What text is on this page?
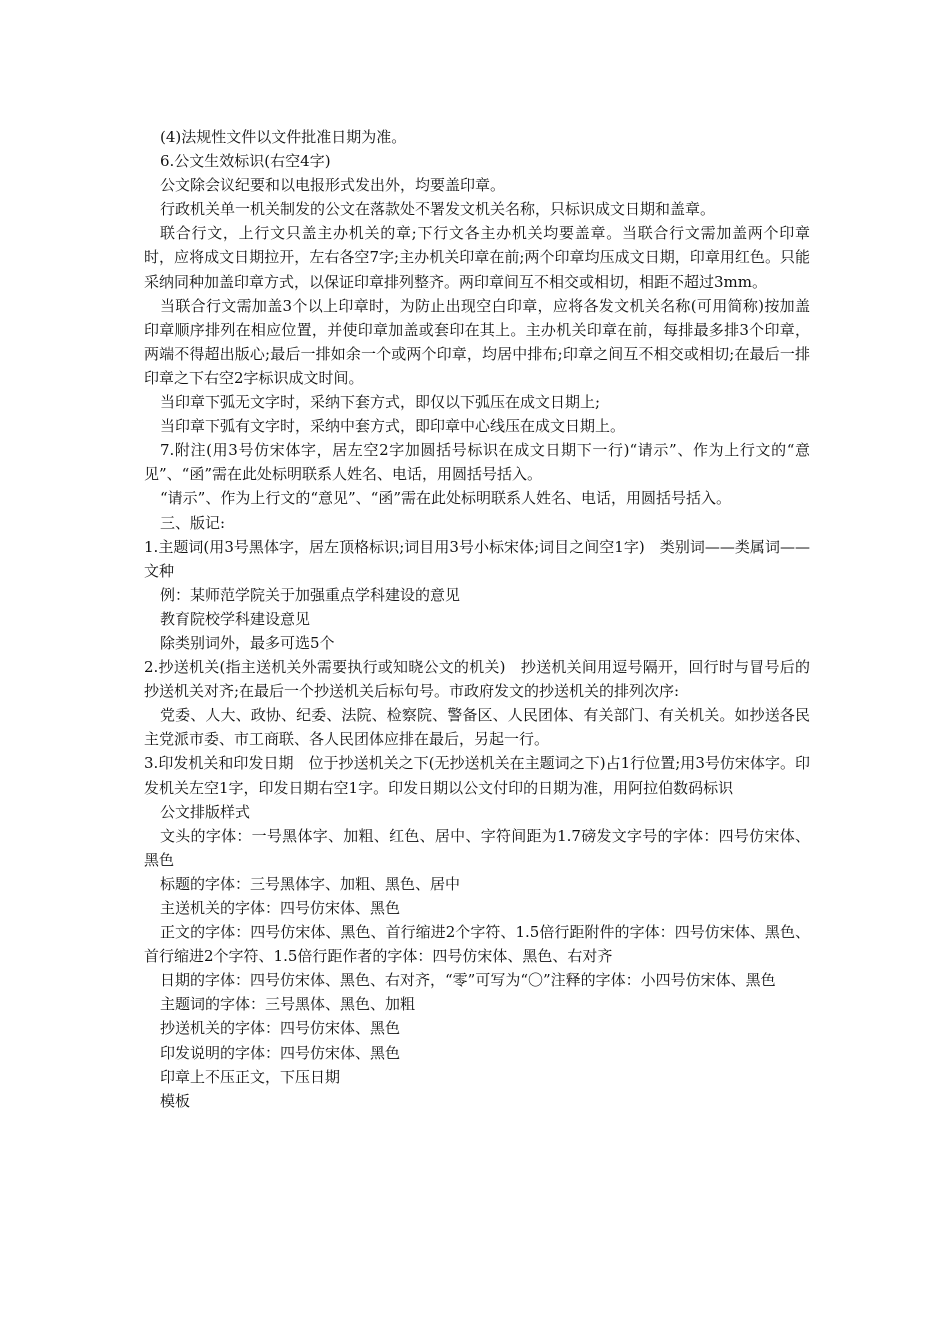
(4)法规性文件以文件批准日期为准。

6.公文生效标识(右空4字)

公文除会议纪要和以电报形式发出外，均要盖印章。

行政机关单一机关制发的公文在落款处不署发文机关名称，只标识成文日期和盖章。

联合行文，上行文只盖主办机关的章;下行文各主办机关均要盖章。当联合行文需加盖两个印章时，应将成文日期拉开，左右各空7字;主办机关印章在前;两个印章均压成文日期，印章用红色。只能采纳同种加盖印章方式，以保证印章排列整齐。两印章间互不相交或相切，相距不超过3mm。

当联合行文需加盖3个以上印章时，为防止出现空白印章，应将各发文机关名称(可用简称)按加盖印章顺序排列在相应位置，并使印章加盖或套印在其上。主办机关印章在前，每排最多排3个印章，两端不得超出版心;最后一排如余一个或两个印章，均居中排布;印章之间互不相交或相切;在最后一排印章之下右空2字标识成文时间。

当印章下弧无文字时，采纳下套方式，即仅以下弧压在成文日期上;

当印章下弧有文字时，采纳中套方式，即印章中心线压在成文日期上。

7.附注(用3号仿宋体字，居左空2字加圆括号标识在成文日期下一行)“请示”、作为上行文的“意见”、“函”需在此处标明联系人姓名、电话，用圆括号括入。

“请示”、作为上行文的“意见”、“函”需在此处标明联系人姓名、电话，用圆括号括入。

三、版记:

1.主题词(用3号黑体字，居左顶格标识;词目用3号小标宋体;词目之间空1字)　类别词——类属词——文种

例：某师范学院关于加强重点学科建设的意见

教育院校学科建设意见

除类别词外，最多可选5个

2.抄送机关(指主送机关外需要执行或知晓公文的机关)　抄送机关间用逗号隔开，回行时与冒号后的抄送机关对齐;在最后一个抄送机关后标句号。市政府发文的抄送机关的排列次序:

党委、人大、政协、纪委、法院、检察院、警备区、人民团体、有关部门、有关机关。如抄送各民主党派市委、市工商联、各人民团体应排在最后，另起一行。

3.印发机关和印发日期　位于抄送机关之下(无抄送机关在主题词之下)占1行位置;用3号仿宋体字。印发机关左空1字，印发日期右空1字。印发日期以公文付印的日期为准，用阿拉伯数码标识

公文排版样式

文头的字体：一号黑体字、加粗、红色、居中、字符间距为1.7磅发文字号的字体：四号仿宋体、黑色

标题的字体：三号黑体字、加粗、黑色、居中

主送机关的字体：四号仿宋体、黑色

正文的字体：四号仿宋体、黑色、首行缩进2个字符、1.5倍行距附件的字体：四号仿宋体、黑色、首行缩进2个字符、1.5倍行距作者的字体：四号仿宋体、黑色、右对齐

日期的字体：四号仿宋体、黑色、右对齐，“零”可写为“〇”注释的字体：小四号仿宋体、黑色

主题词的字体：三号黑体、黑色、加粗

抄送机关的字体：四号仿宋体、黑色

印发说明的字体：四号仿宋体、黑色

印章上不压正文，下压日期

模板
